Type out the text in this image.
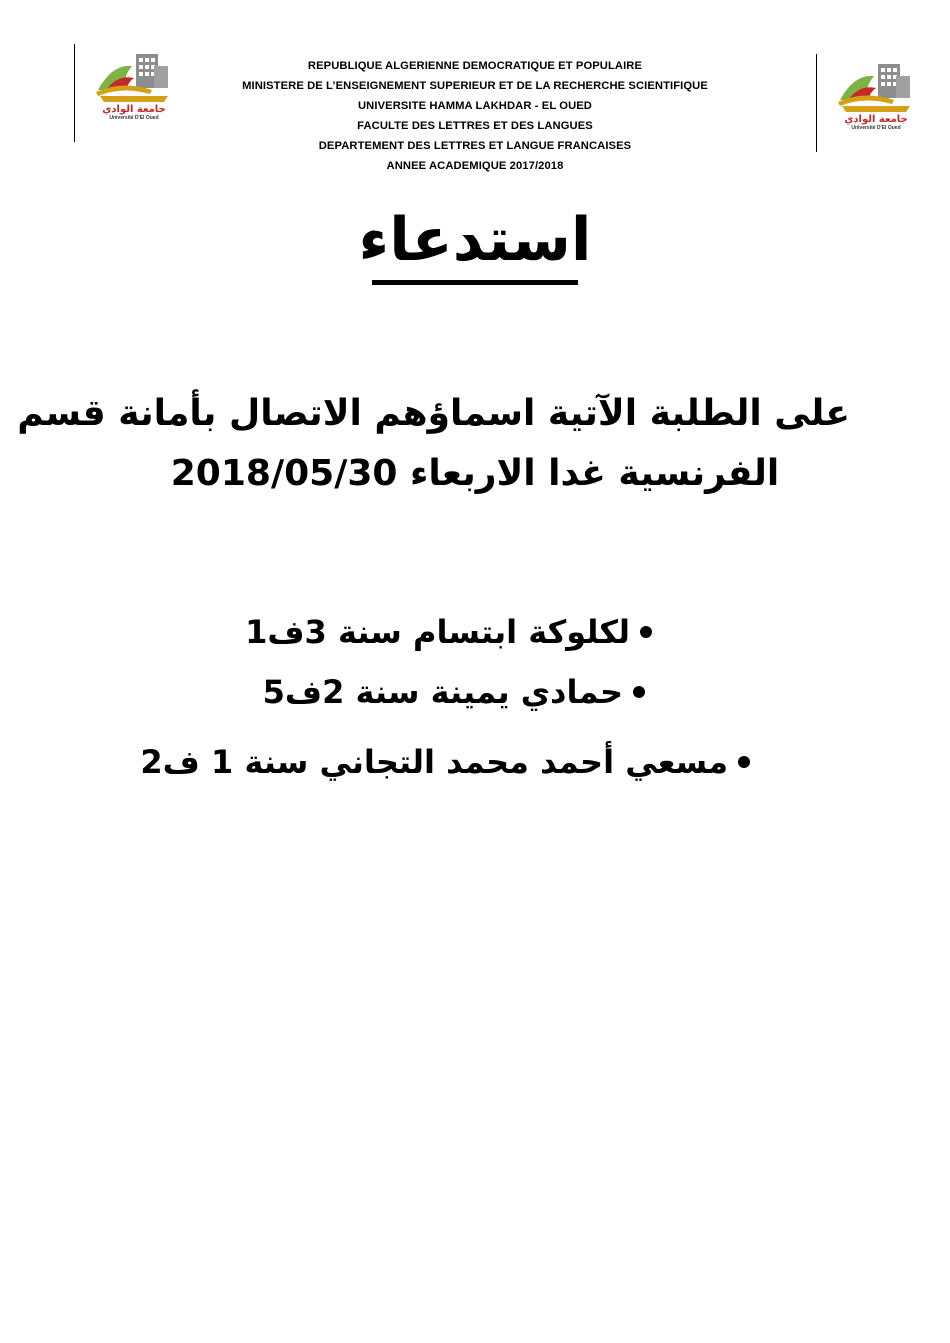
جامعة الوادي
Université D'El Oued	جامعة الوادي
Université D'El Oued
REPUBLIQUE ALGERIENNE DEMOCRATIQUE ET POPULAIRE
MINISTERE DE L’ENSEIGNEMENT SUPERIEUR ET DE LA RECHERCHE SCIENTIFIQUE
UNIVERSITE HAMMA LAKHDAR - EL OUED
FACULTE DES LETTRES ET DES LANGUES
DEPARTEMENT DES LETTRES ET LANGUE FRANCAISES
ANNEE ACADEMIQUE 2017/2018
استدعاء
على الطلبة الآتية اسماؤهم الاتصال بأمانة قسم
الفرنسية غدا الاربعاء 2018/05/30
لكلوكة ابتسام سنة 3ف1
حمادي يمينة سنة 2ف5
مسعي أحمد محمد التجاني سنة 1 ف2
